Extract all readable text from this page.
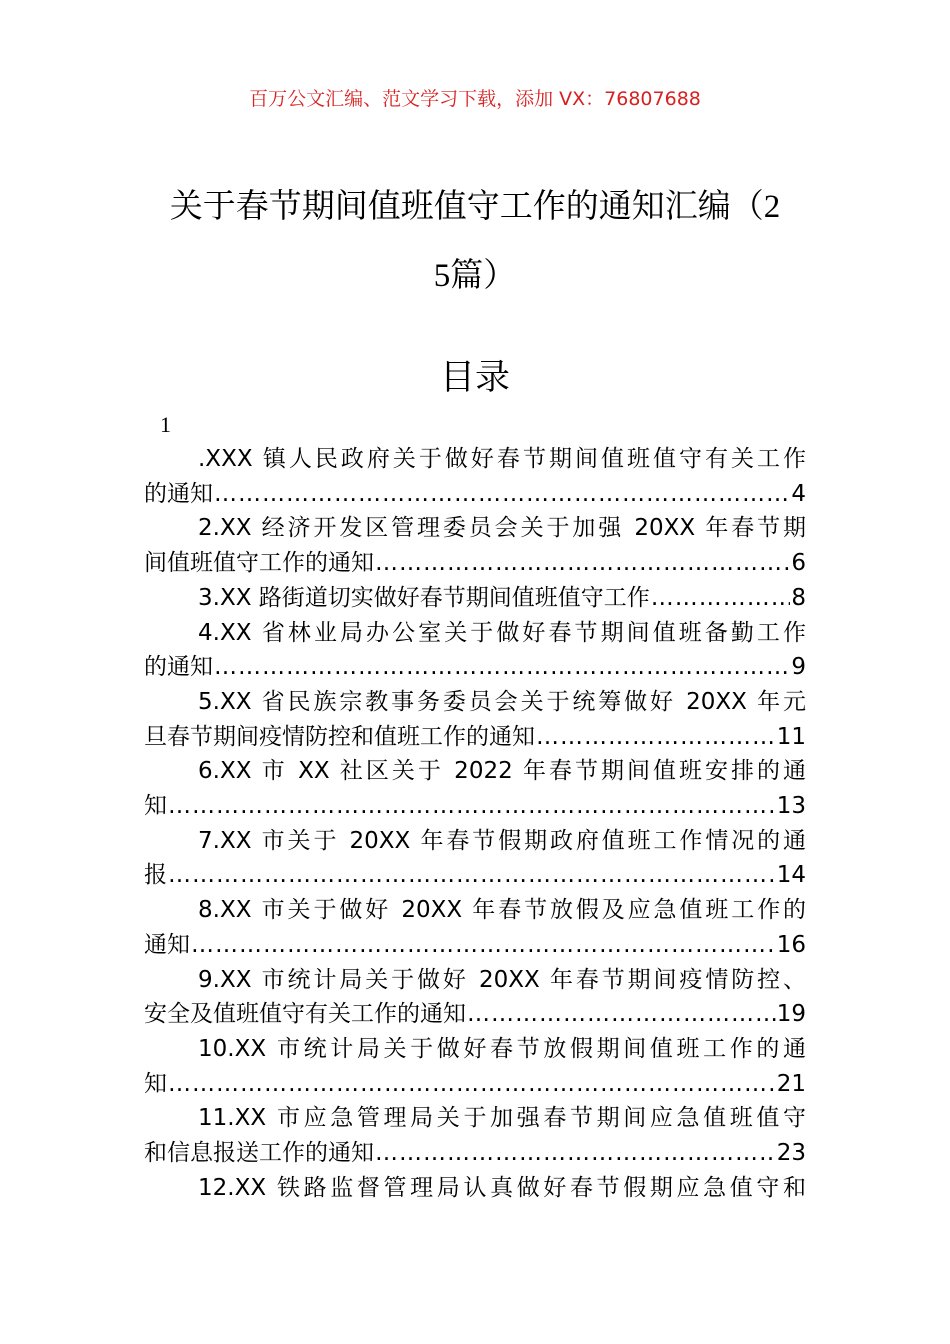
百万公文汇编、范文学习下载，添加 VX：76807688
关于春节期间值班值守工作的通知汇编（2
5篇）
目录
1
.XXX 镇人民政府关于做好春节期间值班值守有关工作
的通知 ……………………………………………………………………………………………………………………………………	4
2.XX 经济开发区管理委员会关于加强 20XX 年春节期
间值班值守工作的通知 ……………………………………………………………………………………………………………………………………	6
3.XX 路街道切实做好春节期间值班值守工作 ……………………………………………………………………………………………………………………………………	8
4.XX 省林业局办公室关于做好春节期间值班备勤工作
的通知 ……………………………………………………………………………………………………………………………………	9
5.XX 省民族宗教事务委员会关于统筹做好 20XX 年元
旦春节期间疫情防控和值班工作的通知 ……………………………………………………………………………………………………………………………………	11
6.XX 市 XX 社区关于 2022 年春节期间值班安排的通
知 ……………………………………………………………………………………………………………………………………	13
7.XX 市关于 20XX 年春节假期政府值班工作情况的通
报 ……………………………………………………………………………………………………………………………………	14
8.XX 市关于做好 20XX 年春节放假及应急值班工作的
通知 ……………………………………………………………………………………………………………………………………	16
9.XX 市统计局关于做好 20XX 年春节期间疫情防控、
安全及值班值守有关工作的通知 ……………………………………………………………………………………………………………………………………	19
10.XX 市统计局关于做好春节放假期间值班工作的通
知 ……………………………………………………………………………………………………………………………………	21
11.XX 市应急管理局关于加强春节期间应急值班值守
和信息报送工作的通知 ……………………………………………………………………………………………………………………………………	23
12.XX 铁路监督管理局认真做好春节假期应急值守和
